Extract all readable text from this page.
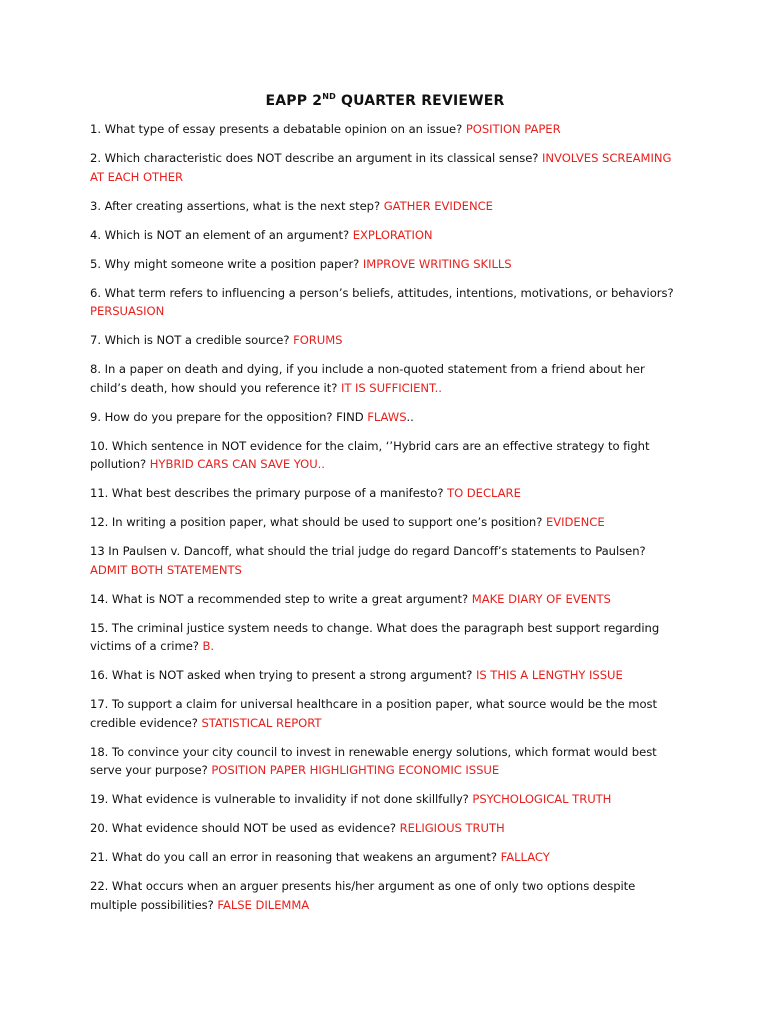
EAPP 2ND QUARTER REVIEWER

1. What type of essay presents a debatable opinion on an issue? POSITION PAPER

2. Which characteristic does NOT describe an argument in its classical sense? INVOLVES SCREAMING AT EACH OTHER

3. After creating assertions, what is the next step? GATHER EVIDENCE

4. Which is NOT an element of an argument? EXPLORATION

5. Why might someone write a position paper? IMPROVE WRITING SKILLS

6. What term refers to influencing a person’s beliefs, attitudes, intentions, motivations, or behaviors? PERSUASION

7. Which is NOT a credible source? FORUMS

8. In a paper on death and dying, if you include a non-quoted statement from a friend about her child’s death, how should you reference it? IT IS SUFFICIENT..

9. How do you prepare for the opposition? FIND FLAWS..

10. Which sentence in NOT evidence for the claim, ‘’Hybrid cars are an effective strategy to fight pollution? HYBRID CARS CAN SAVE YOU..

11. What best describes the primary purpose of a manifesto? TO DECLARE

12. In writing a position paper, what should be used to support one’s position? EVIDENCE

13 In Paulsen v. Dancoff, what should the trial judge do regard Dancoff’s statements to Paulsen? ADMIT BOTH STATEMENTS

14. What is NOT a recommended step to write a great argument? MAKE DIARY OF EVENTS

15. The criminal justice system needs to change. What does the paragraph best support regarding victims of a crime? B.

16. What is NOT asked when trying to present a strong argument? IS THIS A LENGTHY ISSUE

17. To support a claim for universal healthcare in a position paper, what source would be the most credible evidence? STATISTICAL REPORT

18. To convince your city council to invest in renewable energy solutions, which format would best serve your purpose? POSITION PAPER HIGHLIGHTING ECONOMIC ISSUE

19. What evidence is vulnerable to invalidity if not done skillfully? PSYCHOLOGICAL TRUTH

20. What evidence should NOT be used as evidence? RELIGIOUS TRUTH

21. What do you call an error in reasoning that weakens an argument? FALLACY

22. What occurs when an arguer presents his/her argument as one of only two options despite multiple possibilities? FALSE DILEMMA
